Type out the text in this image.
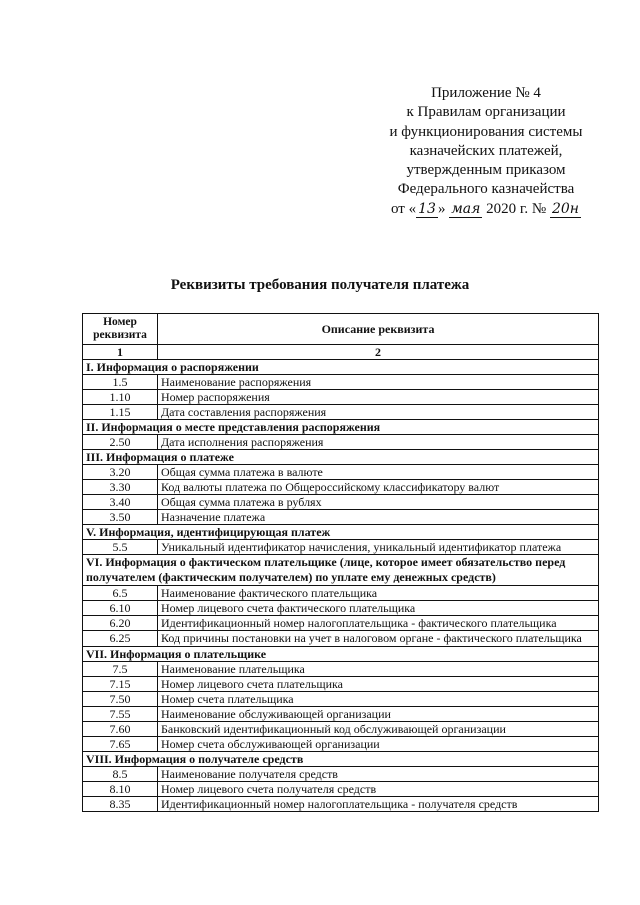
Приложение № 4
к Правилам организации
и функционирования системы
казначейских платежей,
утвержденным приказом
Федерального казначейства
от « 13 » мая 2020 г. № 20н
Реквизиты требования получателя платежа
Номер реквизита	Описание реквизита
1	2
I. Информация о распоряжении	
1.5	Наименование распоряжения
1.10	Номер распоряжения
1.15	Дата составления распоряжения
II. Информация о месте представления распоряжения	
2.50	Дата исполнения распоряжения
III. Информация о платеже	
3.20	Общая сумма платежа в валюте
3.30	Код валюты платежа по Общероссийскому классификатору валют
3.40	Общая сумма платежа в рублях
3.50	Назначение платежа
V. Информация, идентифицирующая платеж	
5.5	Уникальный идентификатор начисления, уникальный идентификатор платежа
VI. Информация о фактическом плательщике (лице, которое имеет обязательство перед получателем (фактическим получателем) по уплате ему денежных средств)	
6.5	Наименование фактического плательщика
6.10	Номер лицевого счета фактического плательщика
6.20	Идентификационный номер налогоплательщика - фактического плательщика
6.25	Код причины постановки на учет в налоговом органе - фактического плательщика
VII. Информация о плательщике	
7.5	Наименование плательщика
7.15	Номер лицевого счета плательщика
7.50	Номер счета плательщика
7.55	Наименование обслуживающей организации
7.60	Банковский идентификационный код обслуживающей организации
7.65	Номер счета обслуживающей организации
VIII. Информация о получателе средств	
8.5	Наименование получателя средств
8.10	Номер лицевого счета получателя средств
8.35	Идентификационный номер налогоплательщика - получателя средств
